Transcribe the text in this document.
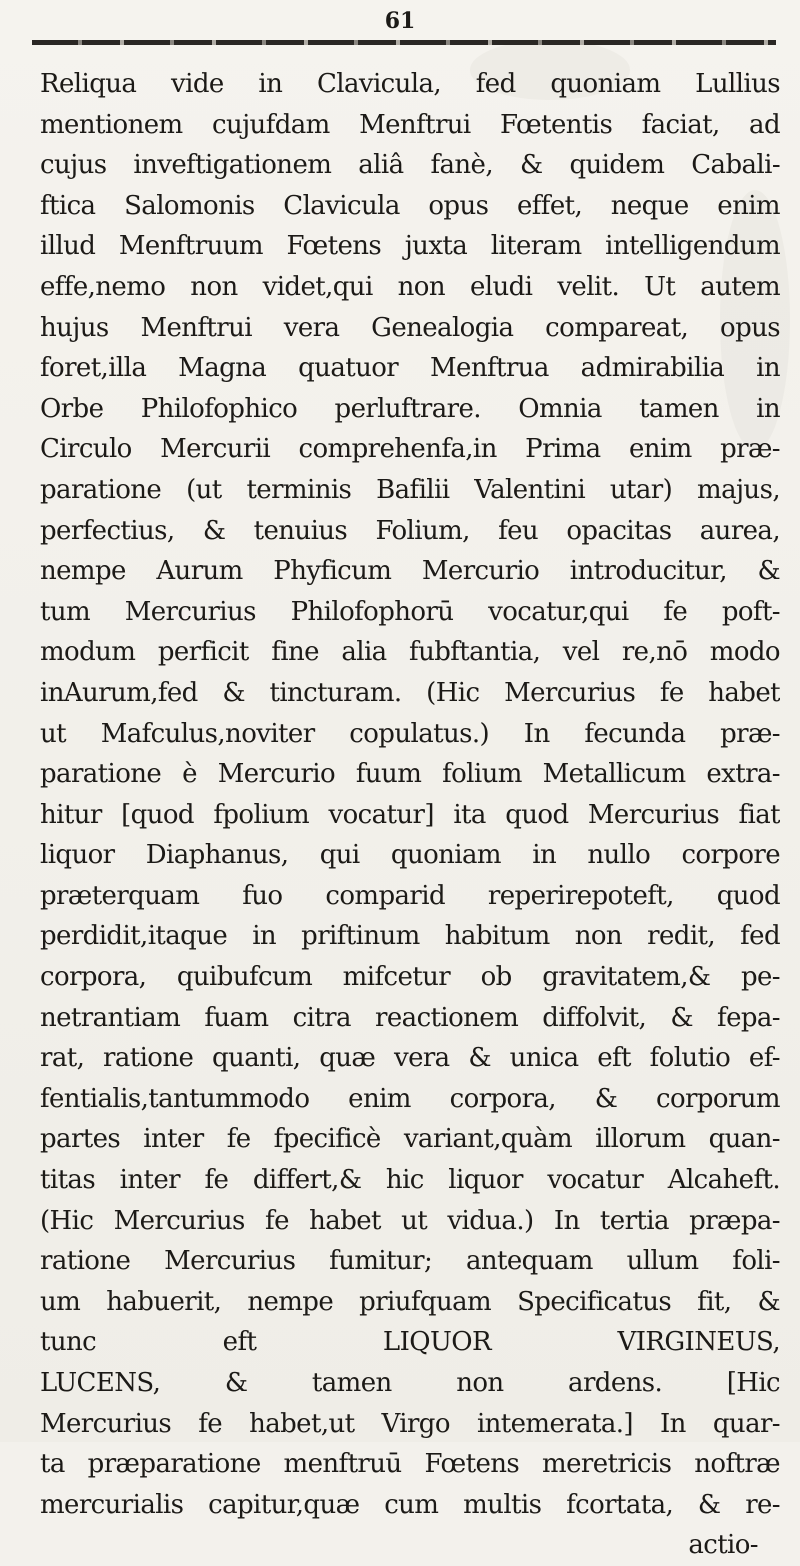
61
Reliqua vide in Clavicula, fed quoniam Lullius
mentionem cujufdam Menftrui Fœtentis faciat, ad
cujus inveftigationem aliâ fanè, & quidem Cabali-
ftica Salomonis Clavicula opus effet, neque enim
illud Menftruum Fœtens juxta literam intelligendum
effe,nemo non videt,qui non eludi velit. Ut autem
hujus Menftrui vera Genealogia compareat, opus
foret,illa Magna quatuor Menftrua admirabilia in
Orbe Philofophico perluftrare. Omnia tamen in
Circulo Mercurii comprehenfa,in Prima enim præ-
paratione (ut terminis Bafilii Valentini utar) majus,
perfectius, & tenuius Folium, feu opacitas aurea,
nempe Aurum Phyficum Mercurio introducitur, &
tum Mercurius Philofophorū vocatur,qui fe poft-
modum perficit fine alia fubftantia, vel re,nō modo
inAurum,fed & tincturam. (Hic Mercurius fe habet
ut Mafculus,noviter copulatus.) In fecunda præ-
paratione è Mercurio fuum folium Metallicum extra-
hitur [quod fpolium vocatur] ita quod Mercurius fiat
liquor Diaphanus, qui quoniam in nullo corpore
præterquam fuo comparid reperirepoteft, quod
perdidit,itaque in priftinum habitum non redit, fed
corpora, quibufcum mifcetur ob gravitatem,& pe-
netrantiam fuam citra reactionem diffolvit, & fepa-
rat, ratione quanti, quæ vera & unica eft folutio ef-
fentialis,tantummodo enim corpora, & corporum
partes inter fe fpecificè variant,quàm illorum quan-
titas inter fe differt,& hic liquor vocatur Alcaheft.
(Hic Mercurius fe habet ut vidua.) In tertia præpa-
ratione Mercurius fumitur; antequam ullum foli-
um habuerit, nempe priufquam Specificatus fit, &
tunc eft LIQUOR VIRGINEUS,
LUCENS, & tamen non ardens. [Hic
Mercurius fe habet,ut Virgo intemerata.] In quar-
ta præparatione menftruū Fœtens meretricis noftræ
mercurialis capitur,quæ cum multis fcortata, & re-
actio-
